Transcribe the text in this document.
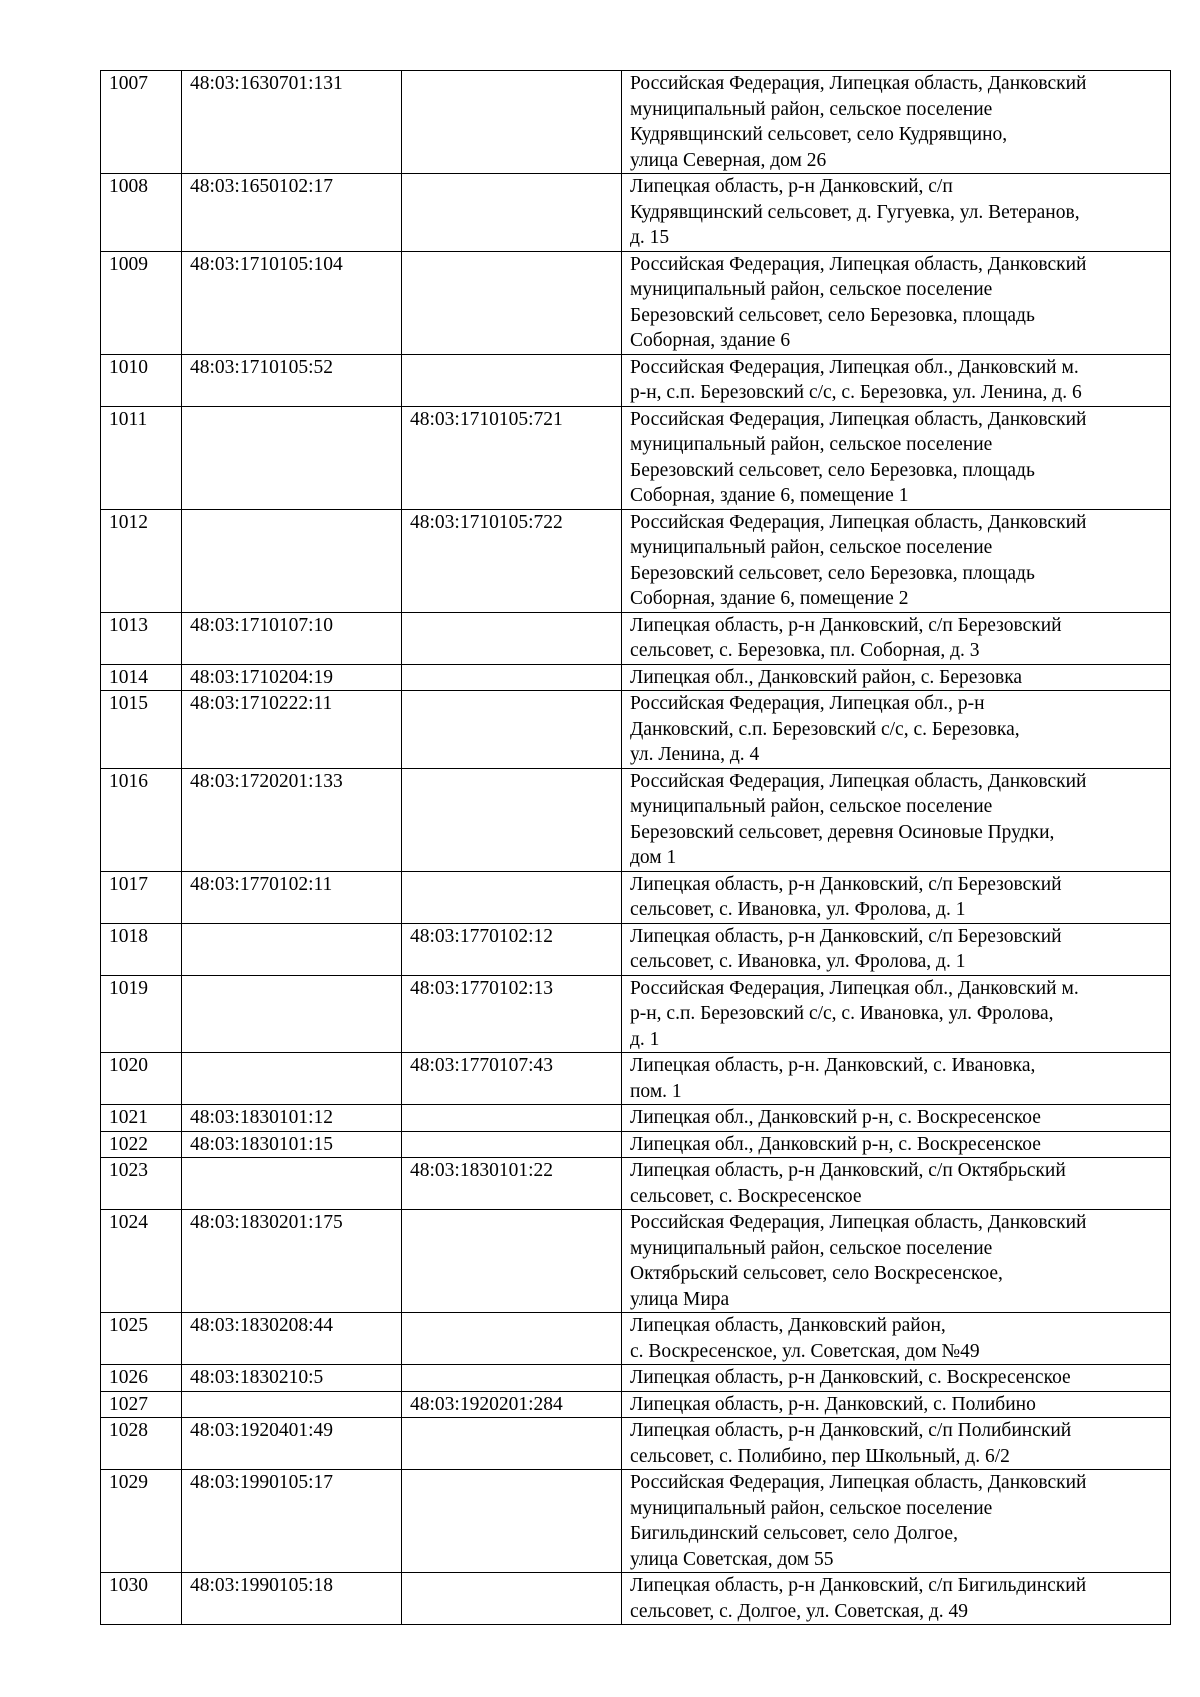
1007	48:03:1630701:131		Российская Федерация, Липецкая область, Данковский
муниципальный район, сельское поселение
Кудрявщинский сельсовет, село Кудрявщино,
улица Северная, дом 26

1008	48:03:1650102:17		Липецкая область, р-н Данковский, с/п
Кудрявщинский сельсовет, д. Гугуевка, ул. Ветеранов,
д. 15

1009	48:03:1710105:104		Российская Федерация, Липецкая область, Данковский
муниципальный район, сельское поселение
Березовский сельсовет, село Березовка, площадь
Соборная, здание 6

1010	48:03:1710105:52		Российская Федерация, Липецкая обл., Данковский м.
р-н, с.п. Березовский с/с, с. Березовка, ул. Ленина, д. 6

1011		48:03:1710105:721	Российская Федерация, Липецкая область, Данковский
муниципальный район, сельское поселение
Березовский сельсовет, село Березовка, площадь
Соборная, здание 6, помещение 1

1012		48:03:1710105:722	Российская Федерация, Липецкая область, Данковский
муниципальный район, сельское поселение
Березовский сельсовет, село Березовка, площадь
Соборная, здание 6, помещение 2

1013	48:03:1710107:10		Липецкая область, р-н Данковский, с/п Березовский
сельсовет, с. Березовка, пл. Соборная, д. 3

1014	48:03:1710204:19		Липецкая обл., Данковский район, с. Березовка

1015	48:03:1710222:11		Российская Федерация, Липецкая обл., р-н
Данковский, с.п. Березовский с/с, с. Березовка,
ул. Ленина, д. 4

1016	48:03:1720201:133		Российская Федерация, Липецкая область, Данковский
муниципальный район, сельское поселение
Березовский сельсовет, деревня Осиновые Прудки,
дом 1

1017	48:03:1770102:11		Липецкая область, р-н Данковский, с/п Березовский
сельсовет, с. Ивановка, ул. Фролова, д. 1

1018		48:03:1770102:12	Липецкая область, р-н Данковский, с/п Березовский
сельсовет, с. Ивановка, ул. Фролова, д. 1

1019		48:03:1770102:13	Российская Федерация, Липецкая обл., Данковский м.
р-н, с.п. Березовский с/с, с. Ивановка, ул. Фролова,
д. 1

1020		48:03:1770107:43	Липецкая область, р-н. Данковский, с. Ивановка,
пом. 1

1021	48:03:1830101:12		Липецкая обл., Данковский р-н, с. Воскресенское

1022	48:03:1830101:15		Липецкая обл., Данковский р-н, с. Воскресенское

1023		48:03:1830101:22	Липецкая область, р-н Данковский, с/п Октябрьский
сельсовет, с. Воскресенское

1024	48:03:1830201:175		Российская Федерация, Липецкая область, Данковский
муниципальный район, сельское поселение
Октябрьский сельсовет, село Воскресенское,
улица Мира

1025	48:03:1830208:44		Липецкая область, Данковский район,
с. Воскресенское, ул. Советская, дом №49

1026	48:03:1830210:5		Липецкая область, р-н Данковский, с. Воскресенское

1027		48:03:1920201:284	Липецкая область, р-н. Данковский, с. Полибино

1028	48:03:1920401:49		Липецкая область, р-н Данковский, с/п Полибинский
сельсовет, с. Полибино, пер Школьный, д. 6/2

1029	48:03:1990105:17		Российская Федерация, Липецкая область, Данковский
муниципальный район, сельское поселение
Бигильдинский сельсовет, село Долгое,
улица Советская, дом 55

1030	48:03:1990105:18		Липецкая область, р-н Данковский, с/п Бигильдинский
сельсовет, с. Долгое, ул. Советская, д. 49
